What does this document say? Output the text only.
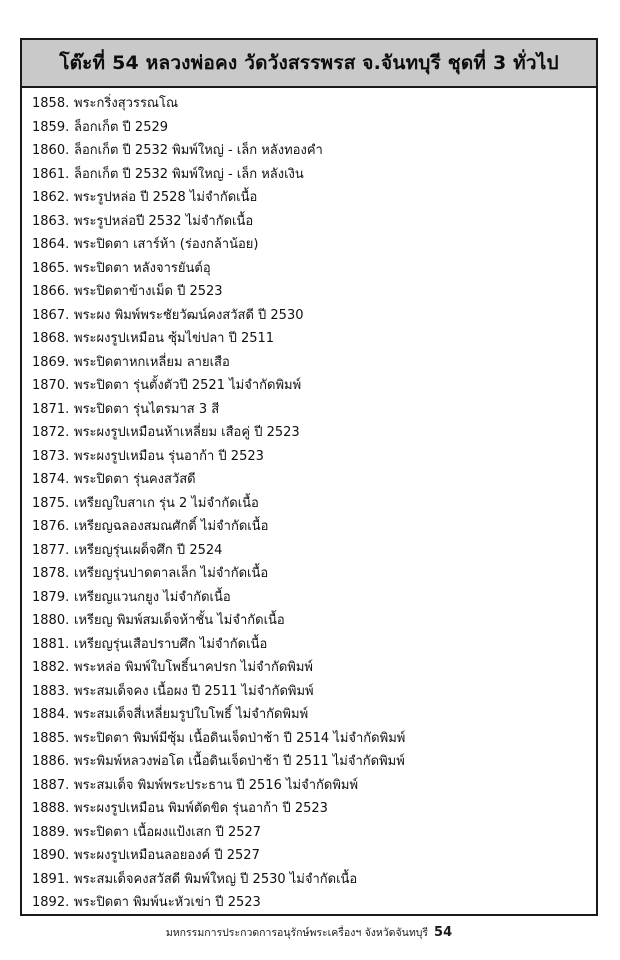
โต๊ะที่ 54 หลวงพ่อคง วัดวังสรรพรส จ.จันทบุรี ชุดที่ 3 ทั่วไป
1858. พระกริ่งสุวรรณโณ
1859. ล็อกเก็ต ปี 2529
1860. ล็อกเก็ต ปี 2532 พิมพ์ใหญ่ - เล็ก หลังทองคำ
1861. ล็อกเก็ต ปี 2532 พิมพ์ใหญ่ - เล็ก หลังเงิน
1862. พระรูปหล่อ ปี 2528 ไม่จำกัดเนื้อ
1863. พระรูปหล่อปี 2532 ไม่จำกัดเนื้อ
1864. พระปิดตา เสาร์ห้า (ร่องกล้าน้อย)
1865. พระปิดตา หลังจารยันต์อุ
1866. พระปิดตาข้างเม็ด ปี 2523
1867. พระผง พิมพ์พระชัยวัฒน์คงสวัสดี ปี 2530
1868. พระผงรูปเหมือน ซุ้มไข่ปลา ปี 2511
1869. พระปิดตาหกเหลี่ยม ลายเสือ
1870. พระปิดตา รุ่นตั้งตัวปี 2521 ไม่จำกัดพิมพ์
1871. พระปิดตา รุ่นไตรมาส 3 สี
1872. พระผงรูปเหมือนห้าเหลี่ยม เสือคู่ ปี 2523
1873. พระผงรูปเหมือน รุ่นอาก้า ปี 2523
1874. พระปิดตา รุ่นคงสวัสดี
1875. เหรียญใบสาเก รุ่น 2 ไม่จำกัดเนื้อ
1876. เหรียญฉลองสมณศักดิ์ ไม่จำกัดเนื้อ
1877. เหรียญรุ่นเผด็จศึก ปี 2524
1878. เหรียญรุ่นปาดตาลเล็ก ไม่จำกัดเนื้อ
1879. เหรียญแวนกยูง ไม่จำกัดเนื้อ
1880. เหรียญ พิมพ์สมเด็จห้าชั้น ไม่จำกัดเนื้อ
1881. เหรียญรุ่นเสือปราบศึก ไม่จำกัดเนื้อ
1882. พระหล่อ พิมพ์ใบโพธิ์นาคปรก ไม่จำกัดพิมพ์
1883. พระสมเด็จคง เนื้อผง ปี 2511 ไม่จำกัดพิมพ์
1884. พระสมเด็จสี่เหลี่ยมรูปใบโพธิ์ ไม่จำกัดพิมพ์
1885. พระปิดตา พิมพ์มีซุ้ม เนื้อดินเจ็ดป่าช้า ปี 2514 ไม่จำกัดพิมพ์
1886. พระพิมพ์หลวงพ่อโต เนื้อดินเจ็ดป่าช้า ปี 2511 ไม่จำกัดพิมพ์
1887. พระสมเด็จ พิมพ์พระประธาน ปี 2516 ไม่จำกัดพิมพ์
1888. พระผงรูปเหมือน พิมพ์ตัดขิด รุ่นอาก้า ปี 2523
1889. พระปิดตา เนื้อผงแป้งเสก ปี 2527
1890. พระผงรูปเหมือนลอยองค์ ปี 2527
1891. พระสมเด็จคงสวัสดี พิมพ์ใหญ่ ปี 2530 ไม่จำกัดเนื้อ
1892. พระปิดตา พิมพ์นะหัวเข่า ปี 2523
มหกรรมการประกวดการอนุรักษ์พระเครื่องฯ จังหวัดจันทบุรี 54
